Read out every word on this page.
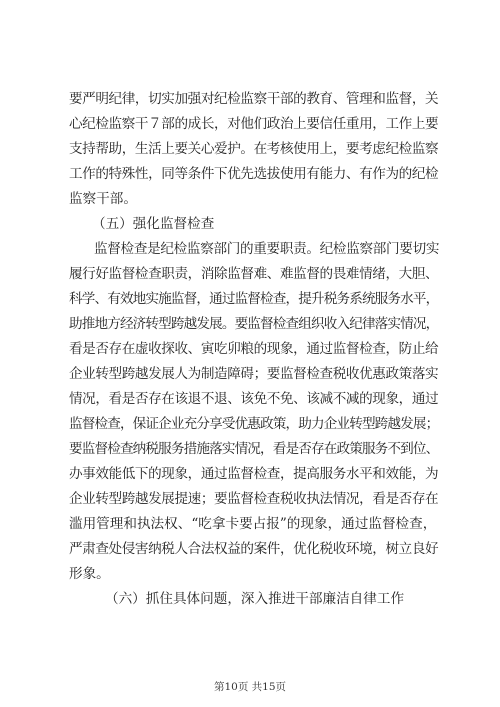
要严明纪律，切实加强对纪检监察干部的教育、管理和监督，关
心纪检监察干７部的成长，对他们政治上要信任重用，工作上要
支持帮助，生活上要关心爱护。在考核使用上，要考虑纪检监察
工作的特殊性，同等条件下优先选拔使用有能力、有作为的纪检
监察干部。
（五）强化监督检查
监督检查是纪检监察部门的重要职责。纪检监察部门要切实
履行好监督检查职责，消除监督难、难监督的畏难情绪，大胆、
科学、有效地实施监督，通过监督检查，提升税务系统服务水平，
助推地方经济转型跨越发展。要监督检查组织收入纪律落实情况，
看是否存在虚收探收、寅吃卯粮的现象，通过监督检查，防止给
企业转型跨越发展人为制造障碍；要监督检查税收优惠政策落实
情况，看是否存在该退不退、该免不免、该减不减的现象，通过
监督检查，保证企业充分享受优惠政策，助力企业转型跨越发展；
要监督检查纳税服务措施落实情况，看是否存在政策服务不到位、
办事效能低下的现象，通过监督检查，提高服务水平和效能，为
企业转型跨越发展提速；要监督检查税收执法情况，看是否存在
滥用管理和执法权、“吃拿卡要占报”的现象，通过监督检查，
严肃查处侵害纳税人合法权益的案件，优化税收环境，树立良好
形象。
（六）抓住具体问题，深入推进干部廉洁自律工作
第10页 共15页
